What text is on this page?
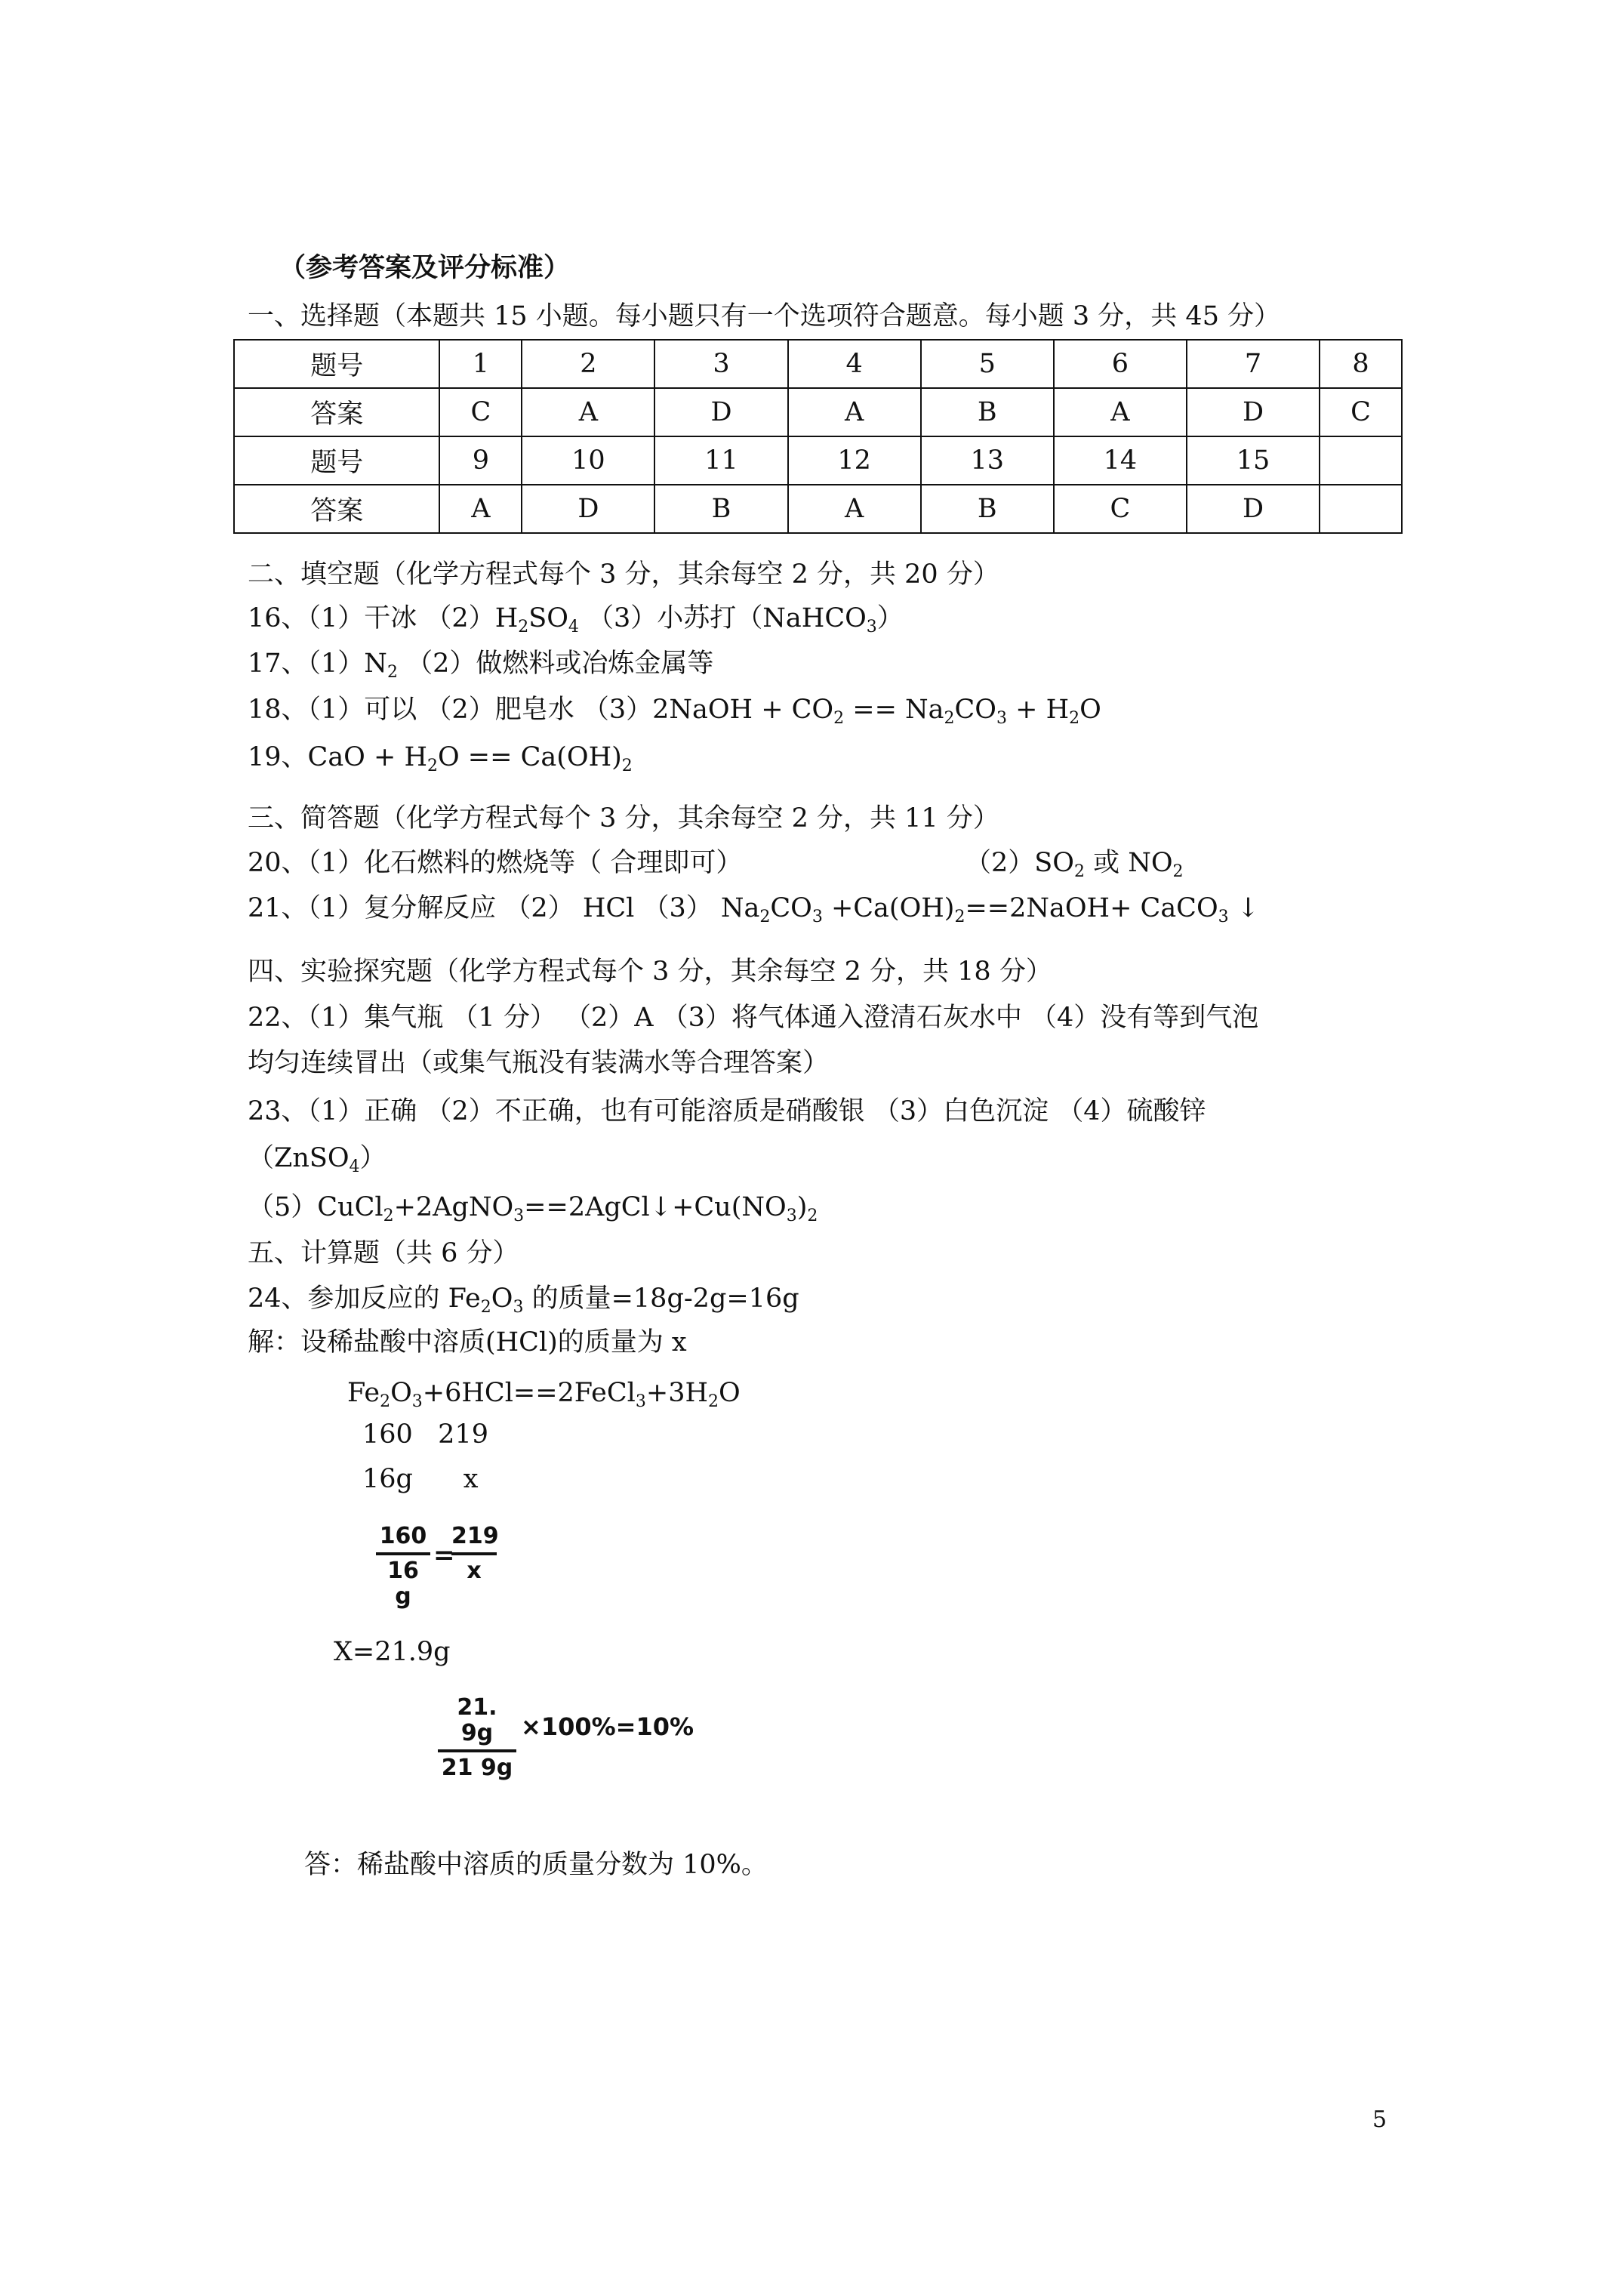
（参考答案及评分标准）
一、选择题（本题共 15 小题。每小题只有一个选项符合题意。每小题 3 分，共 45 分）
题号	1	2	3	4	5	6	7	8
答案	C	A	D	A	B	A	D	C
题号	9	10	11	12	13	14	15	
答案	A	D	B	A	B	C	D	
二、填空题（化学方程式每个 3 分，其余每空 2 分，共 20 分）
16、（1）干冰 $(2)H_2SO_4$ （3）小苏打（NaHCO$_3$）
17、$(1)N_2$ （2）做燃料或冶炼金属等
18、（1）可以 （2）肥皂水 （3）2NaOH + $CO_2 == Na_2CO_3 + H_2O$
19、CaO + $H_2O == Ca(OH)_2$
三、简答题（化学方程式每个 3 分，其余每空 2 分，共 11 分）
20、（1）化石燃料的燃烧等（ 合理即可）	$(2)SO_2$ 或 $NO_2$
21、（1）复分解反应 （2） HCl （3） $Na_2CO_3$ $+Ca(OH)_2==2NaOH+$ CaCO$_3$ ↓
四、实验探究题（化学方程式每个 3 分，其余每空 2 分，共 18 分）
22、（1）集气瓶 （1 分） （2）A （3）将气体通入澄清石灰水中 （4）没有等到气泡
均匀连续冒出（或集气瓶没有装满水等合理答案）
23、（1）正确 （2）不正确，也有可能溶质是硝酸银 （3）白色沉淀 （4）硫酸锌
（ZnSO$_4$）
$(5)CuCl_2+2AgNO_3==2AgCl↓+Cu(NO_3)_2$
五、计算题（共 6 分）
24、参加反应的 $Fe_2O_3$ 的质量=18g-2g=16g
解：设稀盐酸中溶质(HCl)的质量为 x
$Fe_2O_3+6HCl==2FeCl_3+3H_2O$
160   219
16g      x
160
16 g
=
219
x
X=21.9g
21. 9g
21 9g
×100%=10%
答：稀盐酸中溶质的质量分数为 10%。
5
